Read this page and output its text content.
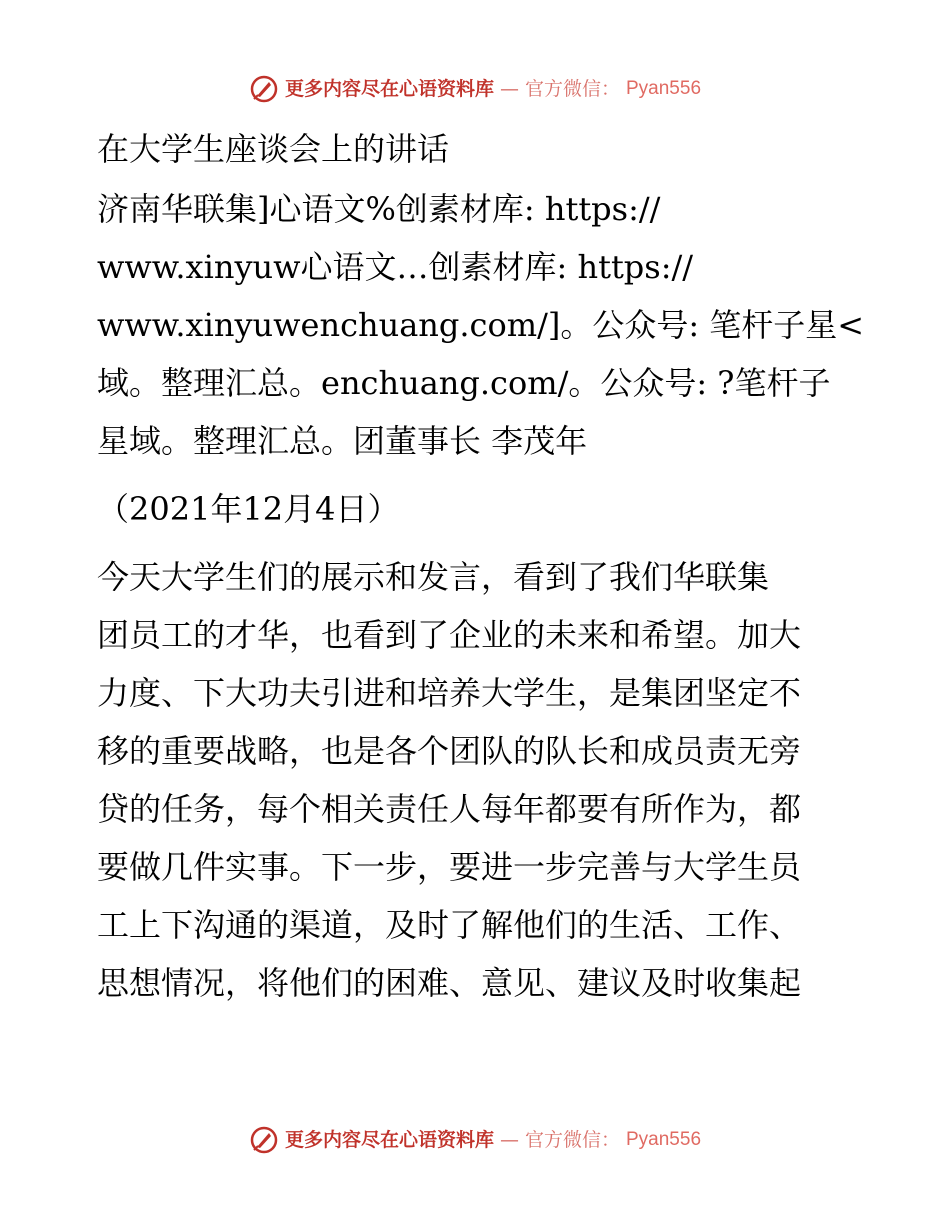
更多内容尽在心语资料库 — 官方微信： Pyan556
在大学生座谈会上的讲话
济南华联集]心语文%创素材库: https://
www.xinyuw心语文…创素材库: https://
www.xinyuwenchuang.com/]。公众号: 笔杆子星<
域。整理汇总。enchuang.com/。公众号: ?笔杆子
星域。整理汇总。团董事长 李茂年
（2021年12月4日）
今天大学生们的展示和发言，看到了我们华联集
团员工的才华，也看到了企业的未来和希望。加大
力度、下大功夫引进和培养大学生，是集团坚定不
移的重要战略，也是各个团队的队长和成员责无旁
贷的任务，每个相关责任人每年都要有所作为，都
要做几件实事。下一步，要进一步完善与大学生员
工上下沟通的渠道，及时了解他们的生活、工作、
思想情况，将他们的困难、意见、建议及时收集起
更多内容尽在心语资料库 — 官方微信： Pyan556
